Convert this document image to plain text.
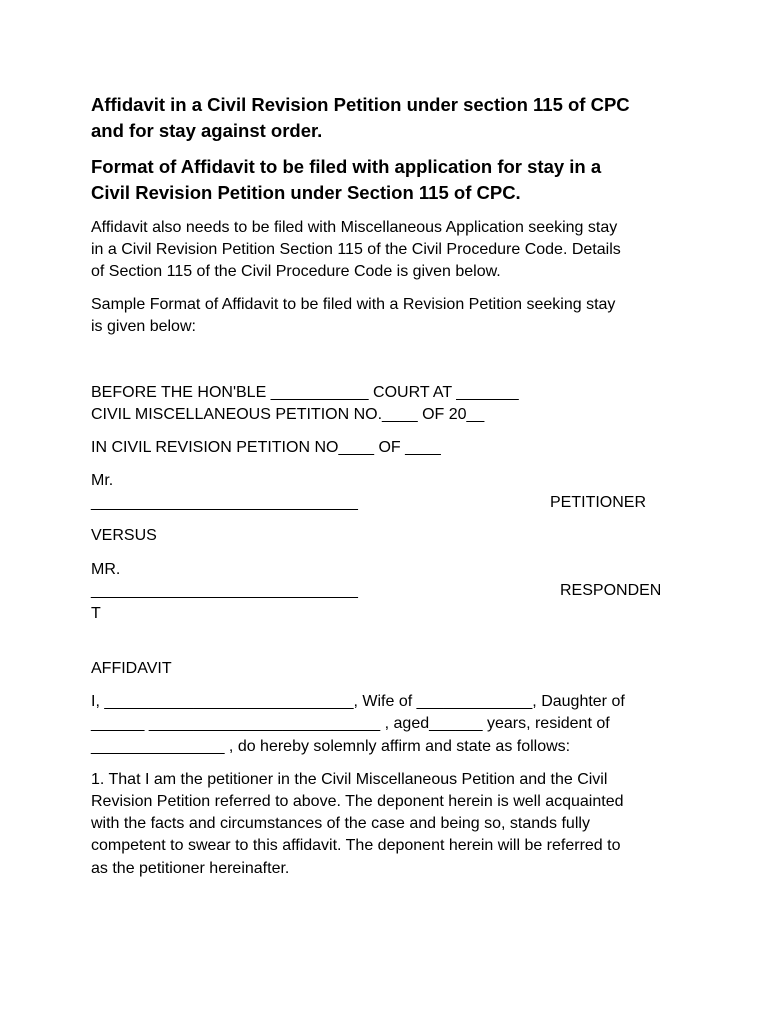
Affidavit in a Civil Revision Petition under section 115 of CPC
and for stay against order.
Format of Affidavit to be filed with application for stay in a
Civil Revision Petition under Section 115 of CPC.
Affidavit also needs to be filed with Miscellaneous Application seeking stay
in a Civil Revision Petition Section 115 of the Civil Procedure Code. Details
of Section 115 of the Civil Procedure Code is given below.
Sample Format of Affidavit to be filed with a Revision Petition seeking stay
is given below:
BEFORE THE HON'BLE ___________ COURT AT _______
CIVIL MISCELLANEOUS PETITION NO.____ OF 20__
IN CIVIL REVISION PETITION NO____ OF ____
Mr.
______________________________	PETITIONER
VERSUS
MR.
______________________________	RESPONDEN
T
AFFIDAVIT
I, ____________________________, Wife of _____________, Daughter of
______ __________________________ , aged______ years, resident of
_______________ , do hereby solemnly affirm and state as follows:
1. That I am the petitioner in the Civil Miscellaneous Petition and the Civil
Revision Petition referred to above. The deponent herein is well acquainted
with the facts and circumstances of the case and being so, stands fully
competent to swear to this affidavit. The deponent herein will be referred to
as the petitioner hereinafter.
